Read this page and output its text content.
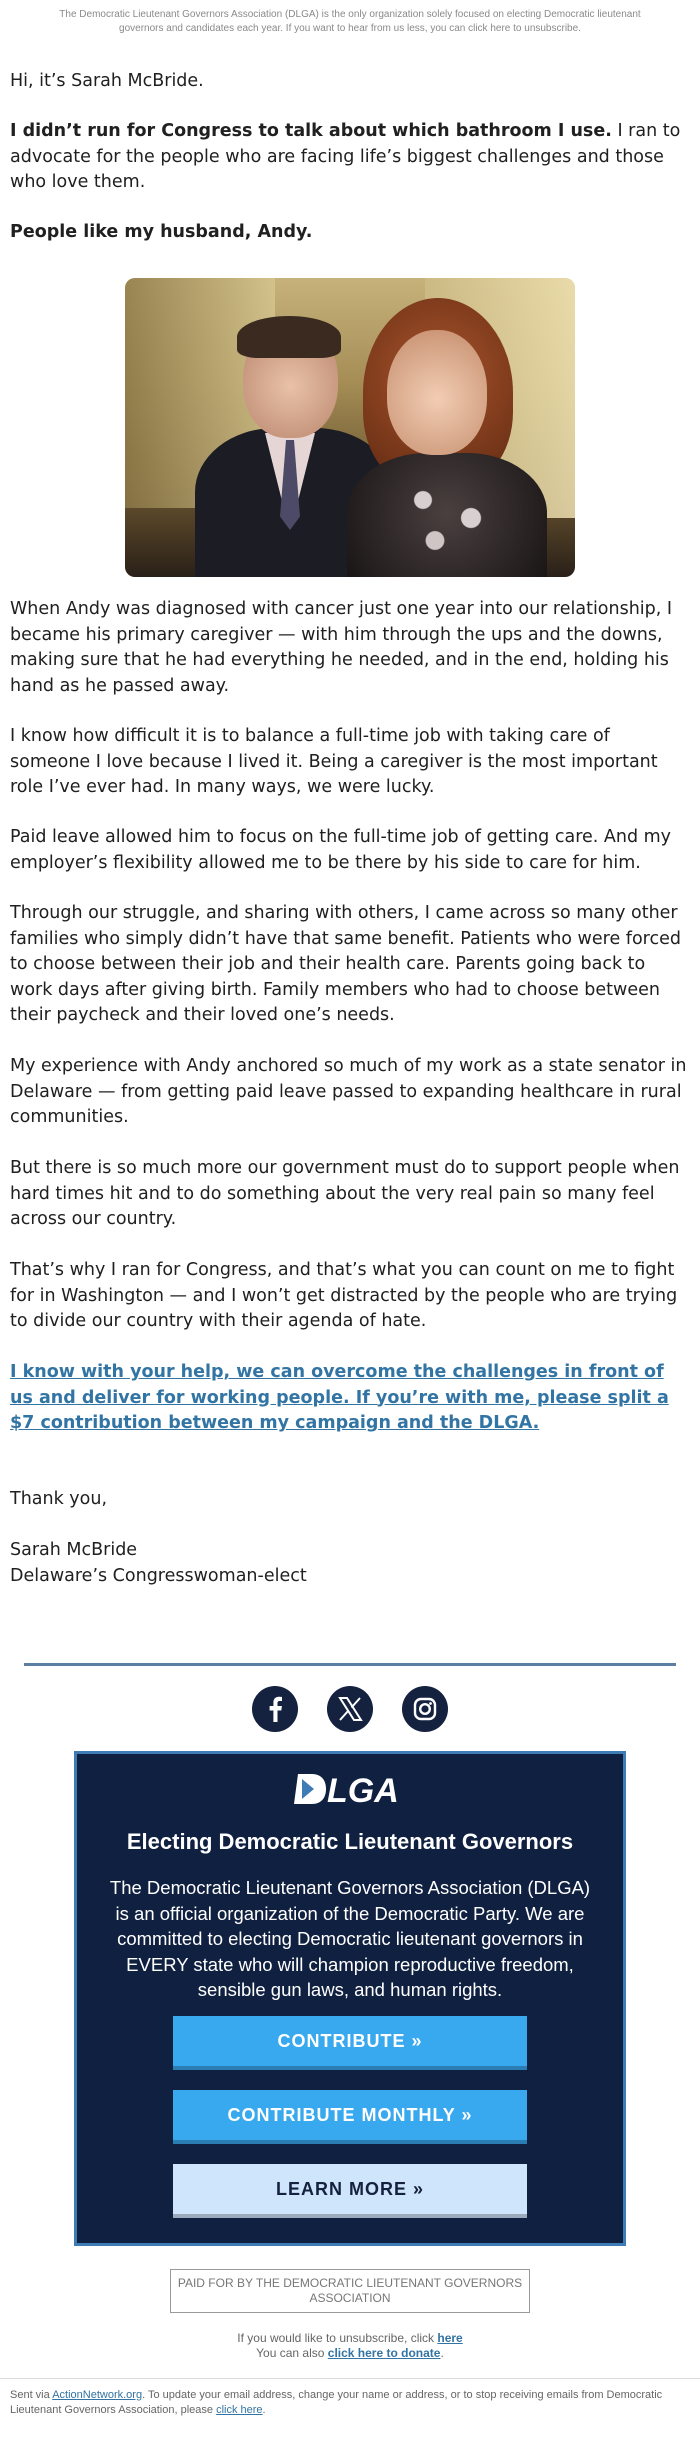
The Democratic Lieutenant Governors Association (DLGA) is the only organization solely focused on electing Democratic lieutenant governors and candidates each year. If you want to hear from us less, you can click here to unsubscribe.

Hi, it’s Sarah McBride.

I didn’t run for Congress to talk about which bathroom I use. I ran to advocate for the people who are facing life’s biggest challenges and those who love them.

People like my husband, Andy.

When Andy was diagnosed with cancer just one year into our relationship, I became his primary caregiver — with him through the ups and the downs, making sure that he had everything he needed, and in the end, holding his hand as he passed away.

I know how difficult it is to balance a full-time job with taking care of someone I love because I lived it. Being a caregiver is the most important role I’ve ever had. In many ways, we were lucky.

Paid leave allowed him to focus on the full-time job of getting care. And my employer’s flexibility allowed me to be there by his side to care for him.

Through our struggle, and sharing with others, I came across so many other families who simply didn’t have that same benefit. Patients who were forced to choose between their job and their health care. Parents going back to work days after giving birth. Family members who had to choose between their paycheck and their loved one’s needs.

My experience with Andy anchored so much of my work as a state senator in Delaware — from getting paid leave passed to expanding healthcare in rural communities.

But there is so much more our government must do to support people when hard times hit and to do something about the very real pain so many feel across our country.

That’s why I ran for Congress, and that’s what you can count on me to fight for in Washington — and I won’t get distracted by the people who are trying to divide our country with their agenda of hate.

I know with your help, we can overcome the challenges in front of us and deliver for working people. If you’re with me, please split a $7 contribution between my campaign and the DLGA.

Thank you,

Sarah McBride
Delaware’s Congresswoman-elect
LGA
Electing Democratic Lieutenant Governors
The Democratic Lieutenant Governors Association (DLGA) is an official organization of the Democratic Party. We are committed to electing Democratic lieutenant governors in EVERY state who will champion reproductive freedom, sensible gun laws, and human rights.
CONTRIBUTE »
CONTRIBUTE MONTHLY »
LEARN MORE »
PAID FOR BY THE DEMOCRATIC LIEUTENANT GOVERNORS ASSOCIATION
If you would like to unsubscribe, click here
You can also click here to donate.
Sent via ActionNetwork.org. To update your email address, change your name or address, or to stop receiving emails from Democratic Lieutenant Governors Association, please click here.
